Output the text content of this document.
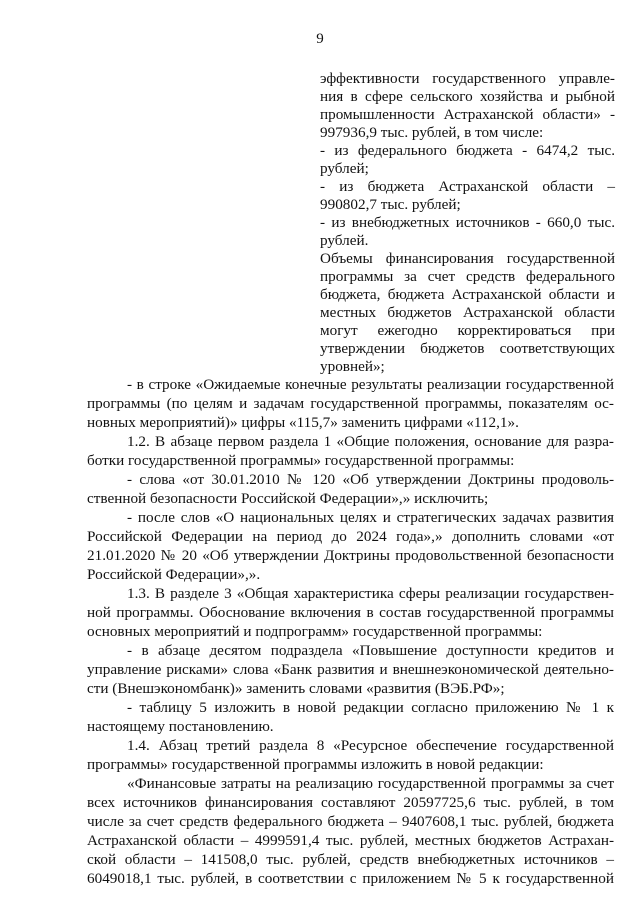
9

эффективности государственного управле-

ния в сфере сельского хозяйства и рыбной

промышленности Астраханской области» -

997936,9 тыс. рублей, в том числе:

- из федерального бюджета - 6474,2 тыс.

рублей;

- из бюджета Астраханской области –

990802,7 тыс. рублей;

- из внебюджетных источников - 660,0 тыс.

рублей.

Объемы финансирования государственной

программы за счет средств федерального

бюджета, бюджета Астраханской области и

местных бюджетов Астраханской области

могут ежегодно корректироваться при

утверждении бюджетов соответствующих

уровней»;

- в строке «Ожидаемые конечные результаты реализации государственной

программы (по целям и задачам государственной программы, показателям ос-

новных мероприятий)» цифры «115,7» заменить цифрами «112,1».

1.2. В абзаце первом раздела 1 «Общие положения, основание для разра-

ботки государственной программы» государственной программы:

- слова «от 30.01.2010 № 120 «Об утверждении Доктрины продоволь-

ственной безопасности Российской Федерации»,» исключить;

- после слов «О национальных целях и стратегических задачах развития

Российской Федерации на период до 2024 года»,» дополнить словами «от

21.01.2020 № 20 «Об утверждении Доктрины продовольственной безопасности

Российской Федерации»,».

1.3. В разделе 3 «Общая характеристика сферы реализации государствен-

ной программы. Обоснование включения в состав государственной программы

основных мероприятий и подпрограмм» государственной программы:

- в абзаце десятом подраздела «Повышение доступности кредитов и

управление рисками» слова «Банк развития и внешнеэкономической деятельно-

сти (Внешэкономбанк)» заменить словами «развития (ВЭБ.РФ»;

- таблицу 5 изложить в новой редакции согласно приложению № 1 к

настоящему постановлению.

1.4. Абзац третий раздела 8 «Ресурсное обеспечение государственной

программы» государственной программы изложить в новой редакции:

«Финансовые затраты на реализацию государственной программы за счет

всех источников финансирования составляют 20597725,6 тыс. рублей, в том

числе за счет средств федерального бюджета – 9407608,1 тыс. рублей, бюджета

Астраханской области – 4999591,4 тыс. рублей, местных бюджетов Астрахан-

ской области – 141508,0 тыс. рублей, средств внебюджетных источников –

6049018,1 тыс. рублей, в соответствии с приложением № 5 к государственной
